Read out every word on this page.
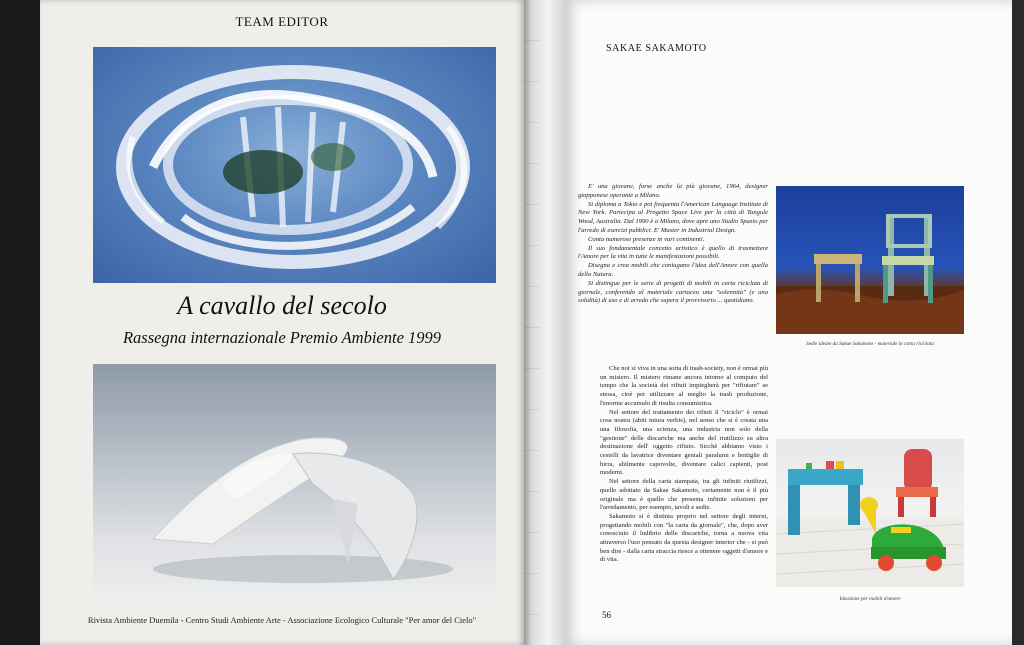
TEAM EDITOR
A cavallo del secolo
Rassegna internazionale Premio Ambiente 1999
Rivista Ambiente Duemila - Centro Studi Ambiente Arte - Associazione Ecologico Culturale "Per amor del Cielo"
SAKAE SAKAMOTO

E' una giovane, forse anche la più giovane, 1964, designer giapponese operante a Milano.

Si diploma a Tokio e poi frequenta l'American Language Institute di New York. Partecipa al Progetto Space Live per la città di Tangule Wood, Australia. Dal 1990 è a Milano, dove apre uno Studio Spazio per l'arredo di esercizi pubblici. E' Master in Industrial Design.

Conta numerose presenze in vari continenti.

Il suo fondamentale concetto artistico è quello di trasmettere l'Amore per la vita in tutte le manifestazioni possibili.

Disegna e crea mobili che coniugano l'idea dell'Amore con quella della Natura.

Si distingue per le serie di progetti di mobili in carta riciclata di giornale, conferendo al materiale cartaceo una "solennità" (e una solidità) di uso e di arredo che supera il provvisorio ... quotidiano.

Sedie ideate da Sakae Sakamoto - materiale in carta riciclata

Che noi si viva in una sorta di trash-society, non è ormai più un mistero. Il mistero rimane ancora intorno al computo del tempo che la società dei rifiuti impiegherà per "rifiutare" se stessa, cioè per utilizzare al meglio la trash produzione, l'enorme accumulo di risulta consumistica.

Nel settore del trattamento dei rifiuti il "riciclo" è ormai cosa nostra (abiit iniura verbis), nel senso che si è creata una una filosofia, una scienza, una industria non solo della "gestione" delle discariche ma anche del riutilizzo su altra destinazione dell' oggetto rifiuto. Sicchè abbiamo visto i cestelli da lavatrice diventare geniali paralumi e bottiglie di birra, abilmente capovolte, diventare calici capienti, post moderni.

Nel settore della carta stampata, tra gli infiniti riutilizzi, quello adottato da Sakae Sakamoto, certamente non è il più originale ma è quello che presenta infinite soluzioni per l'arredamento, per esempio, tavoli e sedie.

Sakamoto si è distinta proprio nel settore degli interni, progettando mobili con "la carta da giornale", che, dopo aver conosciuto il ludibrio delle discariche, torna a nuova vita attraverso l'uso pensato da questa designer interior che - si può ben dire - dalla carta straccia riesce a ottenere oggetti d'amore e di vita.

Ideazione per mobili d'amore
56
